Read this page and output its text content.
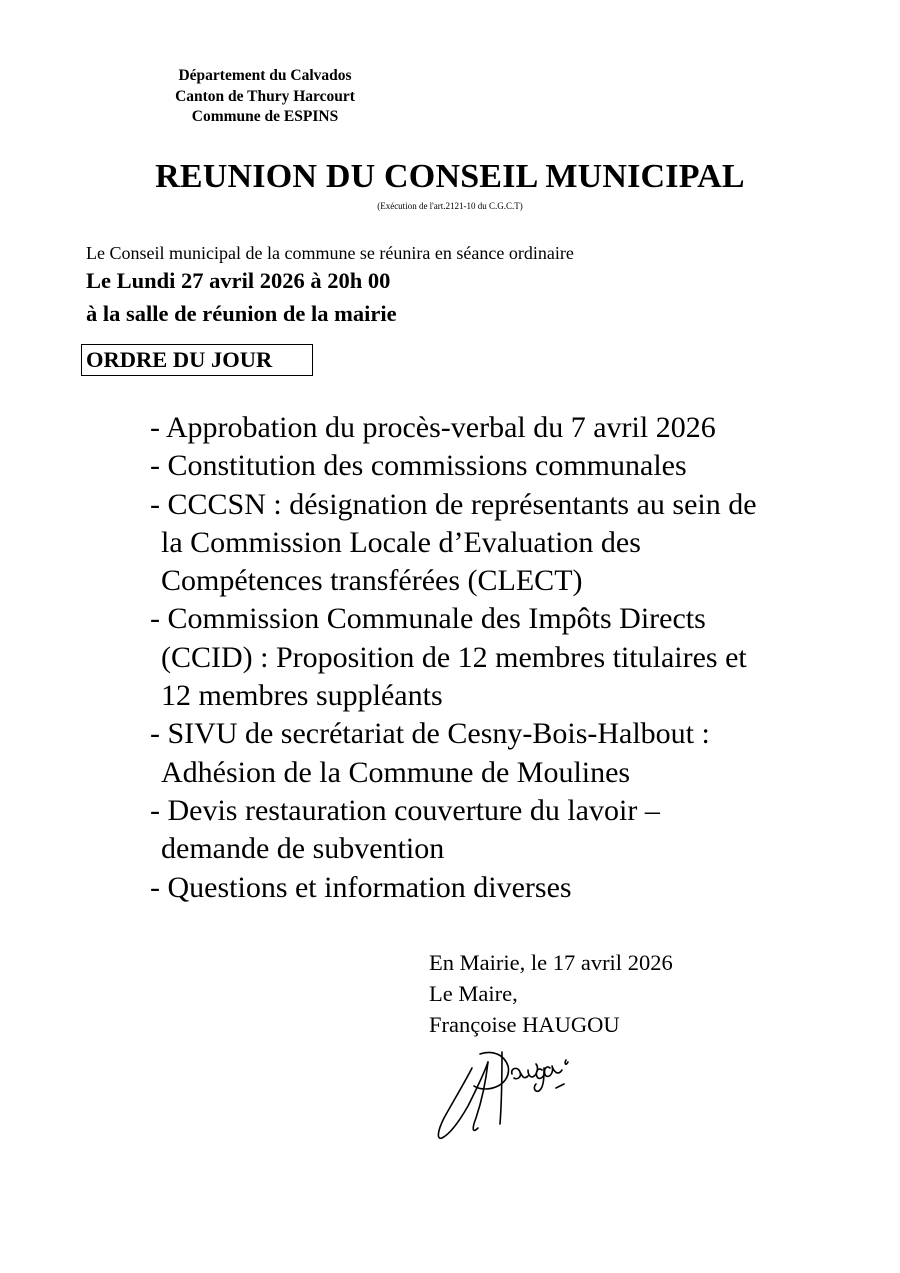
Département du Calvados
Canton de Thury Harcourt
Commune de ESPINS
REUNION DU CONSEIL MUNICIPAL
(Exécution de l'art.2121-10 du C.G.C.T)
Le Conseil municipal de la commune se réunira en séance ordinaire
Le Lundi 27 avril 2026 à 20h 00
à la salle de réunion de la mairie
ORDRE DU JOUR
- Approbation du procès-verbal du 7 avril 2026
- Constitution des commissions communales
- CCCSN : désignation de représentants au sein de
la Commission Locale d’Evaluation des
Compétences transférées (CLECT)
- Commission Communale des Impôts Directs
(CCID) : Proposition de 12 membres titulaires et
12 membres suppléants
- SIVU de secrétariat de Cesny-Bois-Halbout :
Adhésion de la Commune de Moulines
- Devis restauration couverture du lavoir –
demande de subvention
- Questions et information diverses
En Mairie, le 17 avril 2026
Le Maire,
Françoise HAUGOU
